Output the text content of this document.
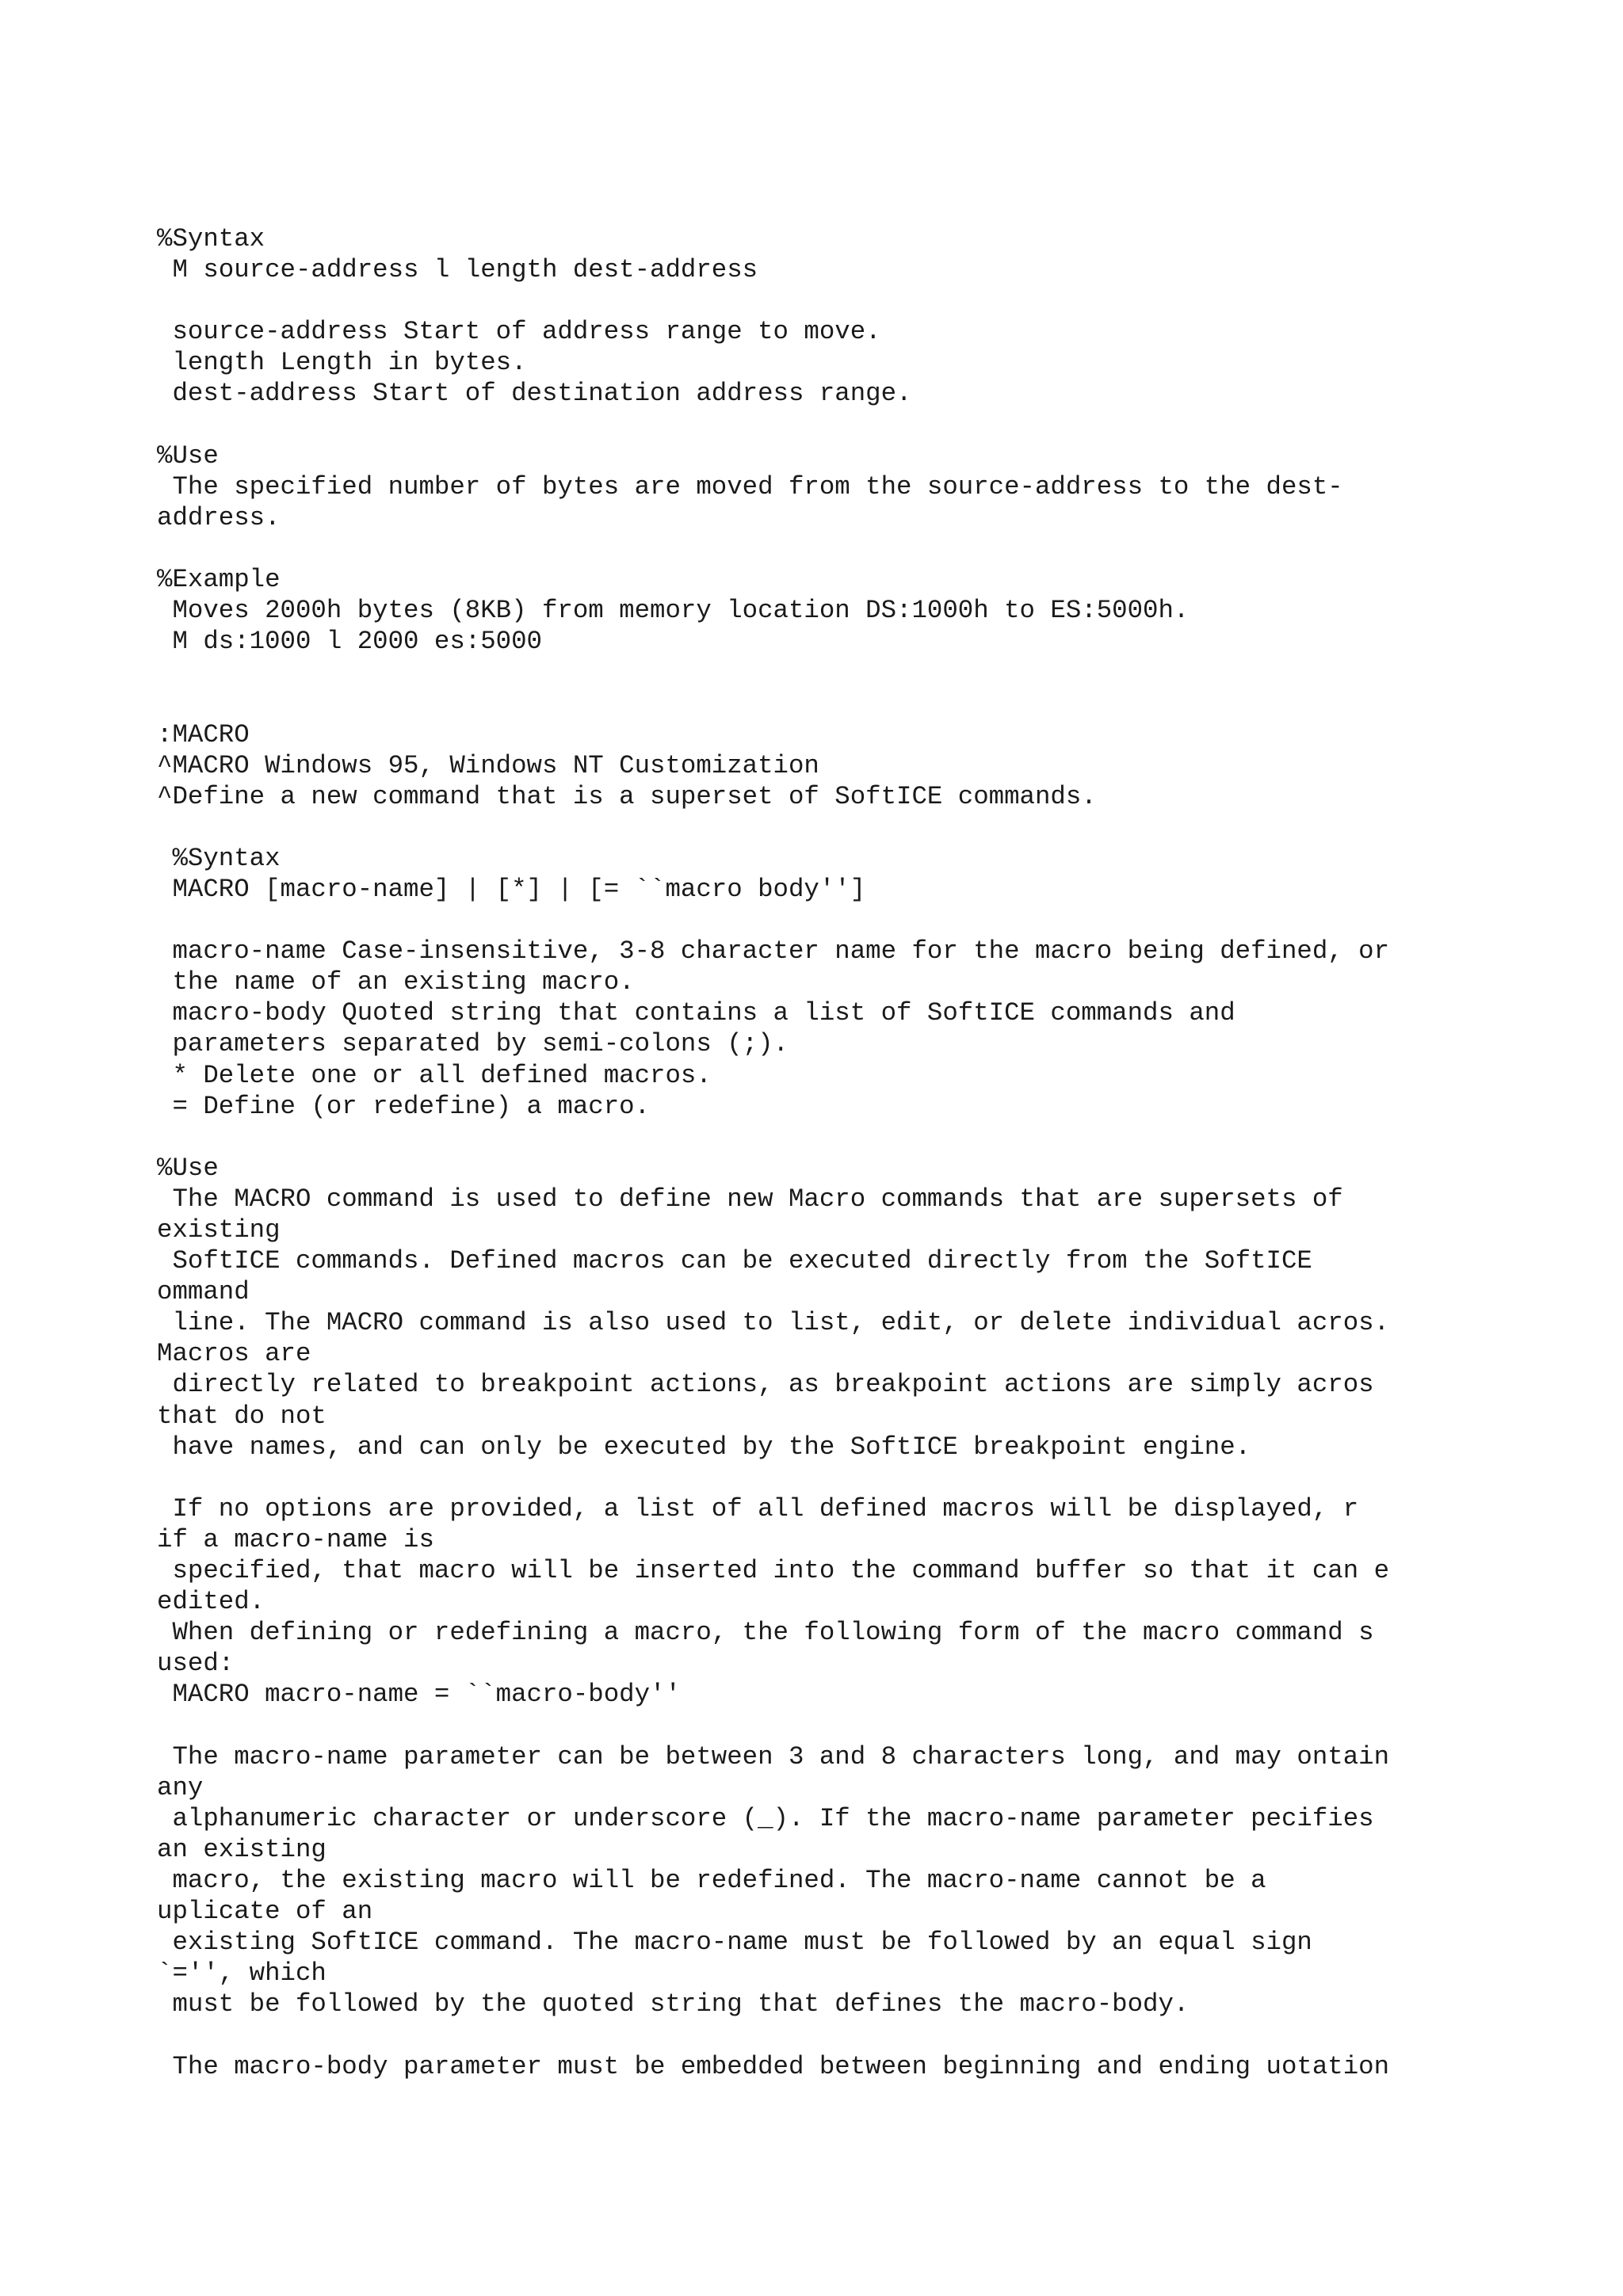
%Syntax
M source-address l length dest-address
source-address Start of address range to move.
length Length in bytes.
dest-address Start of destination address range.
%Use
The specified number of bytes are moved from the source-address to the dest-
address.
%Example
Moves 2000h bytes (8KB) from memory location DS:1000h to ES:5000h.
M ds:1000 l 2000 es:5000
:MACRO
^MACRO Windows 95, Windows NT Customization
^Define a new command that is a superset of SoftICE commands.
%Syntax
MACRO [macro-name] | [*] | [= ``macro body'']
macro-name Case-insensitive, 3-8 character name for the macro being defined, or
the name of an existing macro.
macro-body Quoted string that contains a list of SoftICE commands and
parameters separated by semi-colons (;).
* Delete one or all defined macros.
= Define (or redefine) a macro.
%Use
The MACRO command is used to define new Macro commands that are supersets of
existing
SoftICE commands. Defined macros can be executed directly from the SoftICE
ommand
line. The MACRO command is also used to list, edit, or delete individual acros.
Macros are
directly related to breakpoint actions, as breakpoint actions are simply acros
that do not
have names, and can only be executed by the SoftICE breakpoint engine.
If no options are provided, a list of all defined macros will be displayed, r
if a macro-name is
specified, that macro will be inserted into the command buffer so that it can e
edited.
When defining or redefining a macro, the following form of the macro command s
used:
MACRO macro-name = ``macro-body''
The macro-name parameter can be between 3 and 8 characters long, and may ontain
any
alphanumeric character or underscore (_). If the macro-name parameter pecifies
an existing
macro, the existing macro will be redefined. The macro-name cannot be a
uplicate of an
existing SoftICE command. The macro-name must be followed by an equal sign
`='', which
must be followed by the quoted string that defines the macro-body.
The macro-body parameter must be embedded between beginning and ending uotation
